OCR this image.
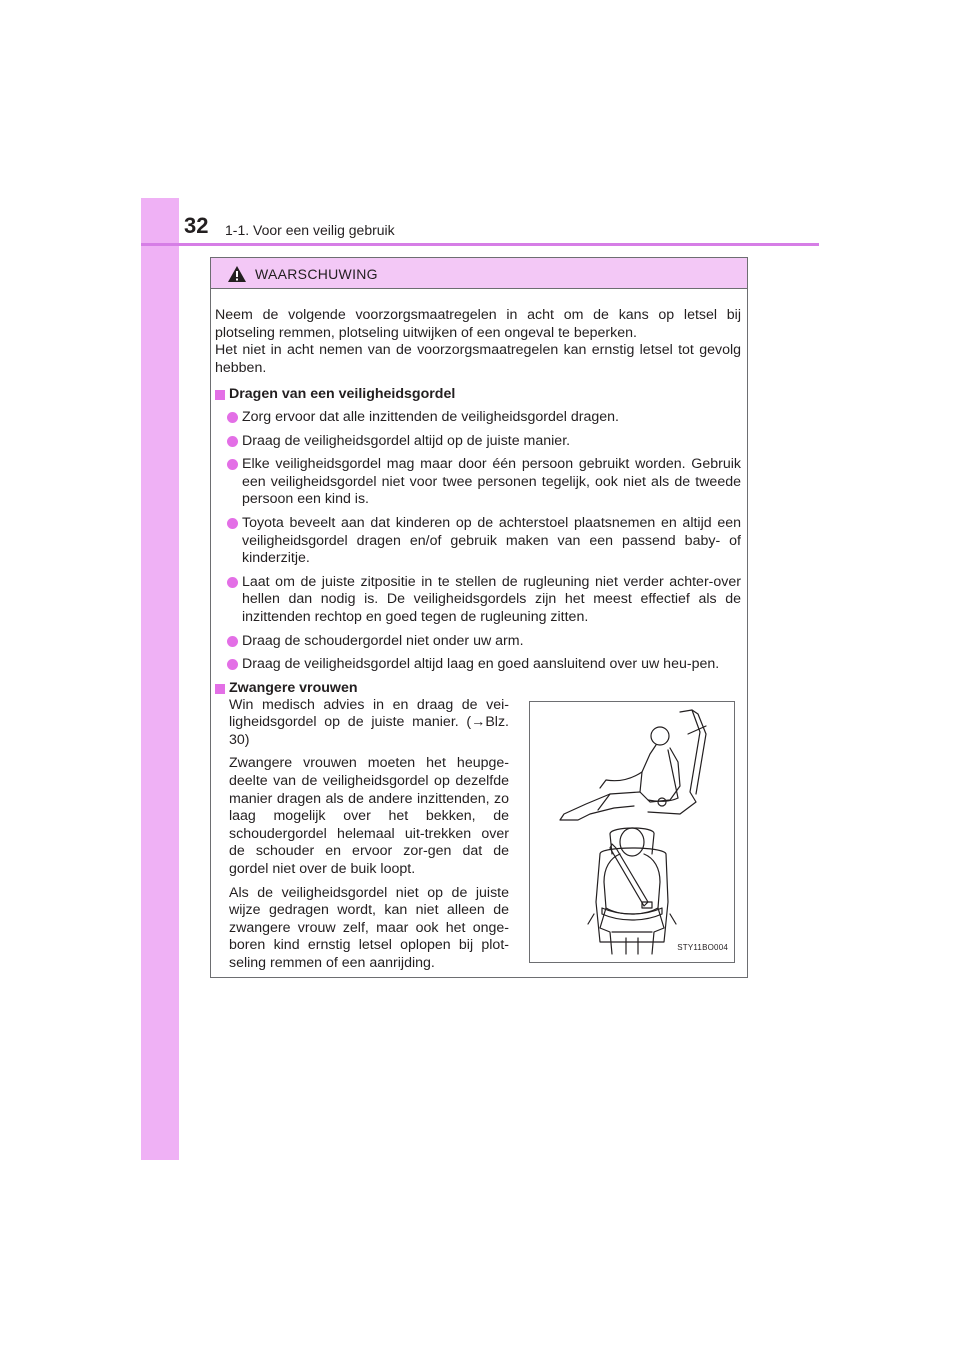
32 1-1. Voor een veilig gebruik
WAARSCHUWING

Neem de volgende voorzorgsmaatregelen in acht om de kans op letsel bij plotseling remmen, plotseling uitwijken of een ongeval te beperken.

Het niet in acht nemen van de voorzorgsmaatregelen kan ernstig letsel tot gevolg hebben.

Dragen van een veiligheidsgordel
Zorg ervoor dat alle inzittenden de veiligheidsgordel dragen.
Draag de veiligheidsgordel altijd op de juiste manier.
Elke veiligheidsgordel mag maar door één persoon gebruikt worden. Gebruik een veiligheidsgordel niet voor twee personen tegelijk, ook niet als de tweede persoon een kind is.
Toyota beveelt aan dat kinderen op de achterstoel plaatsnemen en altijd een veiligheidsgordel dragen en/of gebruik maken van een passend baby- of kinderzitje.
Laat om de juiste zitpositie in te stellen de rugleuning niet verder achter-over hellen dan nodig is. De veiligheidsgordels zijn het meest effectief als de inzittenden rechtop en goed tegen de rugleuning zitten.
Draag de schoudergordel niet onder uw arm.
Draag de veiligheidsgordel altijd laag en goed aansluitend over uw heu-pen.
Zwangere vrouwen

Win medisch advies in en draag de vei-ligheidsgordel op de juiste manier. (→Blz. 30)

Zwangere vrouwen moeten het heupge-deelte van de veiligheidsgordel op dezelfde manier dragen als de andere inzittenden, zo laag mogelijk over het bekken, de schoudergordel helemaal uit-trekken over de schouder en ervoor zor-gen dat de gordel niet over de buik loopt.

Als de veiligheidsgordel niet op de juiste wijze gedragen wordt, kan niet alleen de zwangere vrouw zelf, maar ook het onge-boren kind ernstig letsel oplopen bij plot-seling remmen of een aanrijding.

STY11BO004
